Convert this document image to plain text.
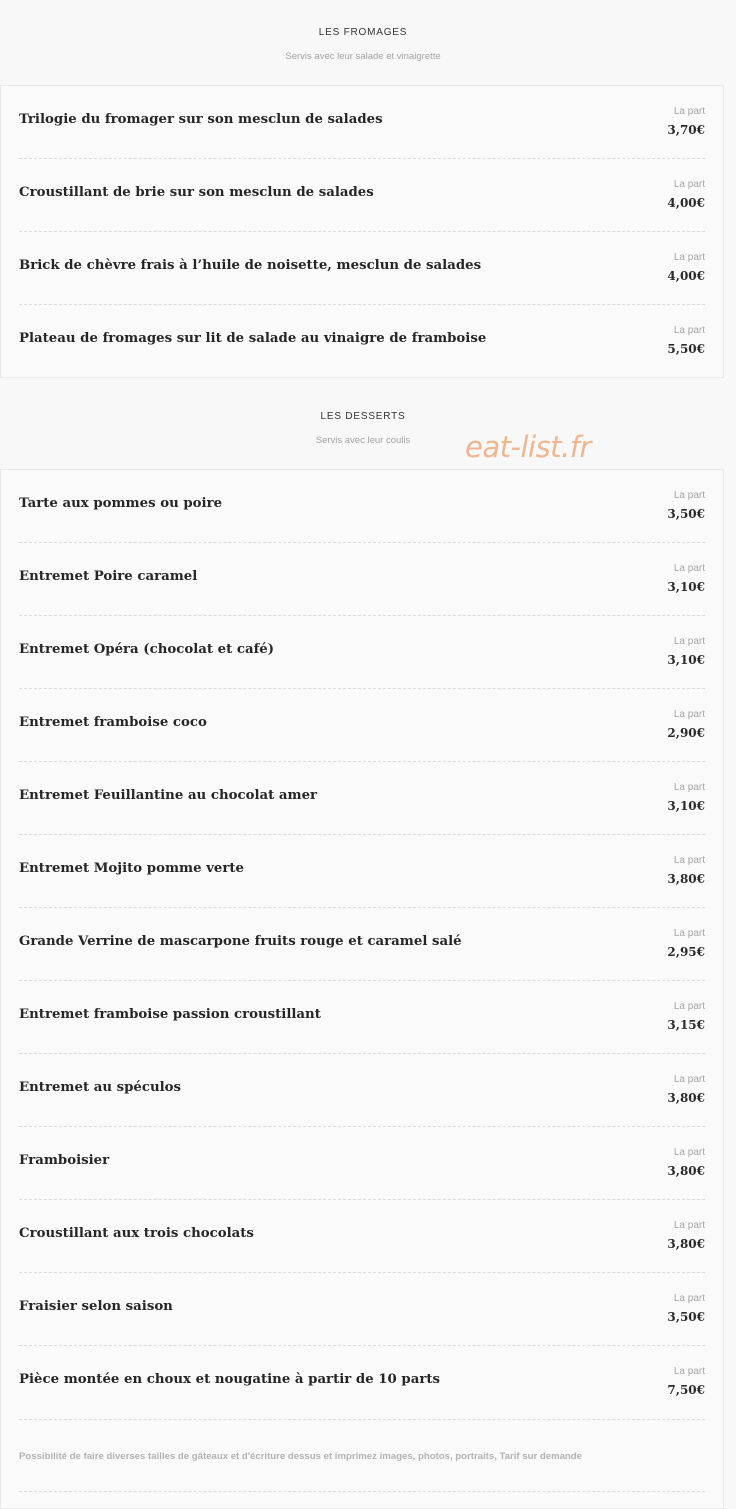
LES FROMAGES
Servis avec leur salade et vinaigrette
Trilogie du fromager sur son mesclun de salades
La part
3,70€
Croustillant de brie sur son mesclun de salades
La part
4,00€
Brick de chèvre frais à l’huile de noisette, mesclun de salades
La part
4,00€
Plateau de fromages sur lit de salade au vinaigre de framboise
La part
5,50€
LES DESSERTS
Servis avec leur coulis	eat-list.fr
Tarte aux pommes ou poire
La part
3,50€
Entremet Poire caramel
La part
3,10€
Entremet Opéra (chocolat et café)
La part
3,10€
Entremet framboise coco
La part
2,90€
Entremet Feuillantine au chocolat amer
La part
3,10€
Entremet Mojito pomme verte
La part
3,80€
Grande Verrine de mascarpone fruits rouge et caramel salé
La part
2,95€
Entremet framboise passion croustillant
La part
3,15€
Entremet au spéculos
La part
3,80€
Framboisier
La part
3,80€
Croustillant aux trois chocolats
La part
3,80€
Fraisier selon saison
La part
3,50€
Pièce montée en choux et nougatine à partir de 10 parts
La part
7,50€
Possibilité de faire diverses tailles de gâteaux et d'écriture dessus et imprimez images, photos, portraits, Tarif sur demande
